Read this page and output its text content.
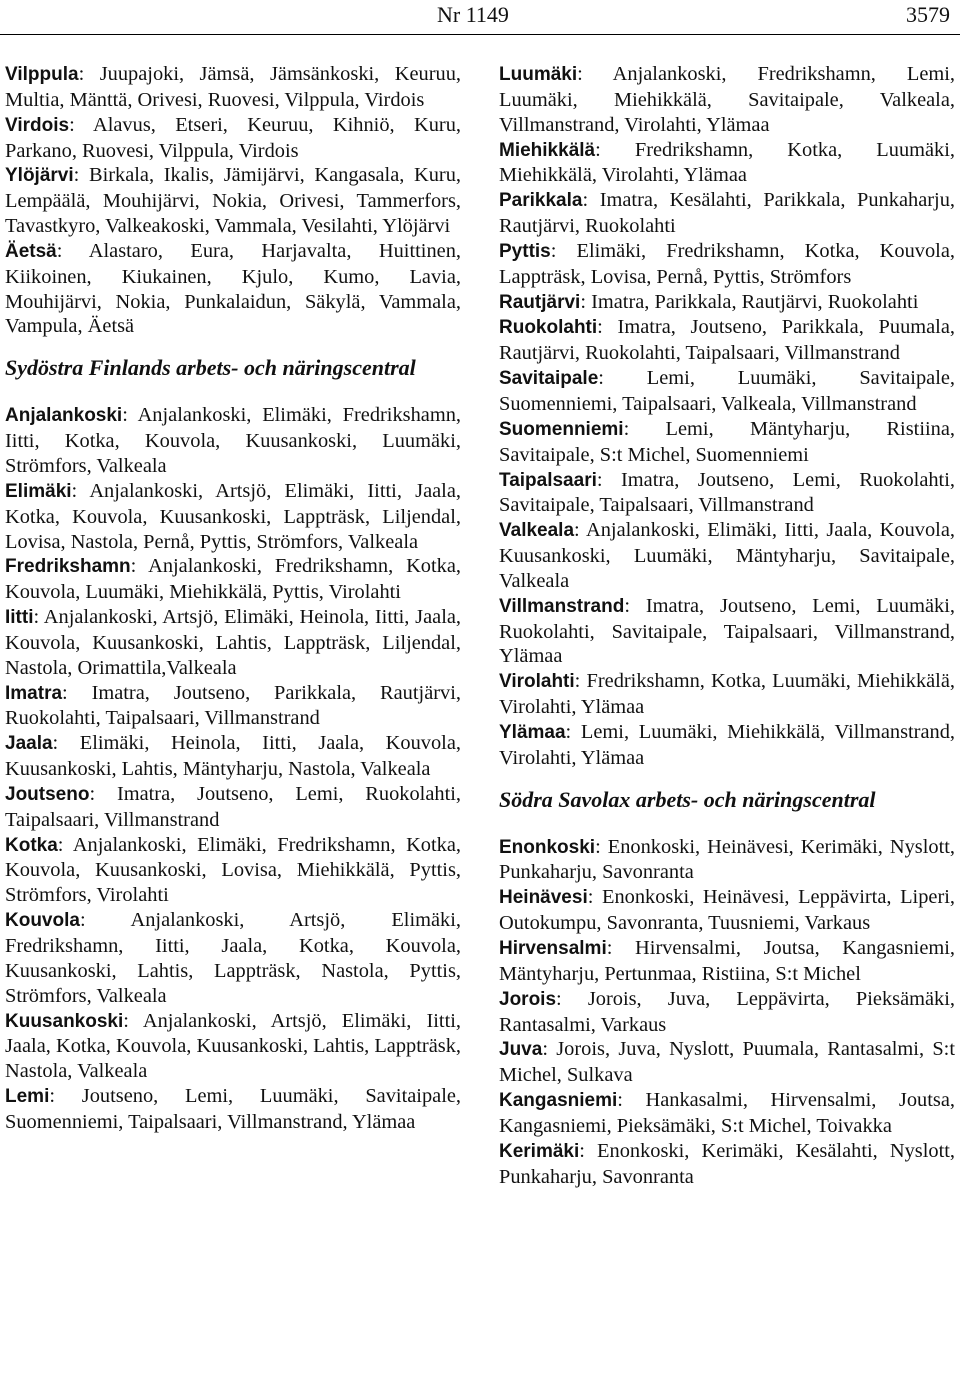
Nr 1149	3579

Vilppula: Juupajoki, Jämsä, Jämsänkoski, Keuruu, Multia, Mänttä, Orivesi, Ruovesi, Vilppula, Virdois

Virdois: Alavus, Etseri, Keuruu, Kihniö, Kuru, Parkano, Ruovesi, Vilppula, Virdois

Ylöjärvi: Birkala, Ikalis, Jämijärvi, Kangasala, Kuru, Lempäälä, Mouhijärvi, Nokia, Orivesi, Tammerfors, Tavastkyro, Valkeakoski, Vammala, Vesilahti, Ylöjärvi

Äetsä: Alastaro, Eura, Harjavalta, Huittinen, Kiikoinen, Kiukainen, Kjulo, Kumo, Lavia, Mouhijärvi, Nokia, Punkalaidun, Säkylä, Vammala, Vampula, Äetsä

Sydöstra Finlands arbets- och näringscentral

Anjalankoski: Anjalankoski, Elimäki, Fredrikshamn, Iitti, Kotka, Kouvola, Kuusankoski, Luumäki, Strömfors, Valkeala

Elimäki: Anjalankoski, Artsjö, Elimäki, Iitti, Jaala, Kotka, Kouvola, Kuusankoski, Lappträsk, Liljendal, Lovisa, Nastola, Pernå, Pyttis, Strömfors, Valkeala

Fredrikshamn: Anjalankoski, Fredrikshamn, Kotka, Kouvola, Luumäki, Miehikkälä, Pyttis, Virolahti

Iitti: Anjalankoski, Artsjö, Elimäki, Heinola, Iitti, Jaala, Kouvola, Kuusankoski, Lahtis, Lappträsk, Liljendal, Nastola, Orimattila,Valkeala

Imatra: Imatra, Joutseno, Parikkala, Rautjärvi, Ruokolahti, Taipalsaari, Villmanstrand

Jaala: Elimäki, Heinola, Iitti, Jaala, Kouvola, Kuusankoski, Lahtis, Mäntyharju, Nastola, Valkeala

Joutseno: Imatra, Joutseno, Lemi, Ruokolahti, Taipalsaari, Villmanstrand

Kotka: Anjalankoski, Elimäki, Fredrikshamn, Kotka, Kouvola, Kuusankoski, Lovisa, Miehikkälä, Pyttis, Strömfors, Virolahti

Kouvola: Anjalankoski, Artsjö, Elimäki, Fredrikshamn, Iitti, Jaala, Kotka, Kouvola, Kuusankoski, Lahtis, Lappträsk, Nastola, Pyttis, Strömfors, Valkeala

Kuusankoski: Anjalankoski, Artsjö, Elimäki, Iitti, Jaala, Kotka, Kouvola, Kuusankoski, Lahtis, Lappträsk, Nastola, Valkeala

Lemi: Joutseno, Lemi, Luumäki, Savitaipale, Suomenniemi, Taipalsaari, Villmanstrand, Ylämaa

Luumäki: Anjalankoski, Fredrikshamn, Lemi, Luumäki, Miehikkälä, Savitaipale, Valkeala, Villmanstrand, Virolahti, Ylämaa

Miehikkälä: Fredrikshamn, Kotka, Luumäki, Miehikkälä, Virolahti, Ylämaa

Parikkala: Imatra, Kesälahti, Parikkala, Punkaharju, Rautjärvi, Ruokolahti

Pyttis: Elimäki, Fredrikshamn, Kotka, Kouvola, Lappträsk, Lovisa, Pernå, Pyttis, Strömfors

Rautjärvi: Imatra, Parikkala, Rautjärvi, Ruokolahti

Ruokolahti: Imatra, Joutseno, Parikkala, Puumala, Rautjärvi, Ruokolahti, Taipalsaari, Villmanstrand

Savitaipale: Lemi, Luumäki, Savitaipale, Suomenniemi, Taipalsaari, Valkeala, Villmanstrand

Suomenniemi: Lemi, Mäntyharju, Ristiina, Savitaipale, S:t Michel, Suomenniemi

Taipalsaari: Imatra, Joutseno, Lemi, Ruokolahti, Savitaipale, Taipalsaari, Villmanstrand

Valkeala: Anjalankoski, Elimäki, Iitti, Jaala, Kouvola, Kuusankoski, Luumäki, Mäntyharju, Savitaipale, Valkeala

Villmanstrand: Imatra, Joutseno, Lemi, Luumäki, Ruokolahti, Savitaipale, Taipalsaari, Villmanstrand, Ylämaa

Virolahti: Fredrikshamn, Kotka, Luumäki, Miehikkälä, Virolahti, Ylämaa

Ylämaa: Lemi, Luumäki, Miehikkälä, Villmanstrand, Virolahti, Ylämaa

Södra Savolax arbets- och näringscentral

Enonkoski: Enonkoski, Heinävesi, Kerimäki, Nyslott, Punkaharju, Savonranta

Heinävesi: Enonkoski, Heinävesi, Leppävirta, Liperi, Outokumpu, Savonranta, Tuusniemi, Varkaus

Hirvensalmi: Hirvensalmi, Joutsa, Kangasniemi, Mäntyharju, Pertunmaa, Ristiina, S:t Michel

Jorois: Jorois, Juva, Leppävirta, Pieksämäki, Rantasalmi, Varkaus

Juva: Jorois, Juva, Nyslott, Puumala, Rantasalmi, S:t Michel, Sulkava

Kangasniemi: Hankasalmi, Hirvensalmi, Joutsa, Kangasniemi, Pieksämäki, S:t Michel, Toivakka

Kerimäki: Enonkoski, Kerimäki, Kesälahti, Nyslott, Punkaharju, Savonranta
